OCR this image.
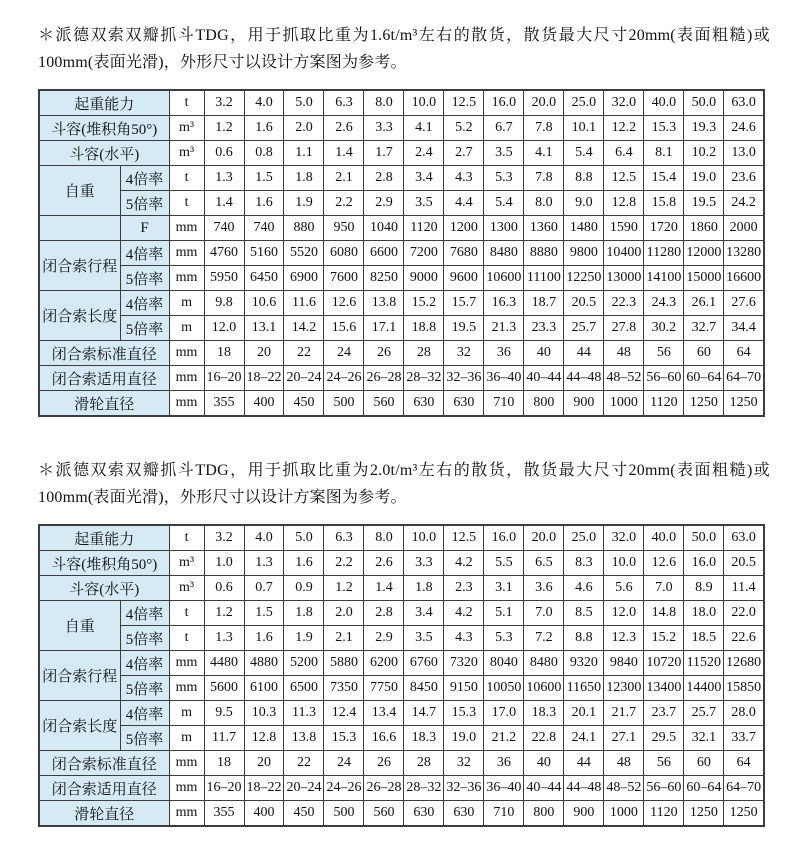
＊派德双索双瓣抓斗TDG，用于抓取比重为1.6t/m³左右的散货，散货最大尺寸20mm(表面粗糙)或100mm(表面光滑)，外形尺寸以设计方案图为参考。

起重能力		t	3.2	4.0	5.0	6.3	8.0	10.0	12.5	16.0	20.0	25.0	32.0	40.0	50.0	63.0
斗容(堆积角50°)		m³	1.2	1.6	2.0	2.6	3.3	4.1	5.2	6.7	7.8	10.1	12.2	15.3	19.3	24.6
斗容(水平)		m³	0.6	0.8	1.1	1.4	1.7	2.4	2.7	3.5	4.1	5.4	6.4	8.1	10.2	13.0
自重	4倍率	t	1.3	1.5	1.8	2.1	2.8	3.4	4.3	5.3	7.8	8.8	12.5	15.4	19.0	23.6
	5倍率	t	1.4	1.6	1.9	2.2	2.9	3.5	4.4	5.4	8.0	9.0	12.8	15.8	19.5	24.2
	F	mm	740	740	880	950	1040	1120	1200	1300	1360	1480	1590	1720	1860	2000
闭合索行程	4倍率	mm	4760	5160	5520	6080	6600	7200	7680	8480	8880	9800	10400	11280	12000	13280
	5倍率	mm	5950	6450	6900	7600	8250	9000	9600	10600	11100	12250	13000	14100	15000	16600
闭合索长度	4倍率	m	9.8	10.6	11.6	12.6	13.8	15.2	15.7	16.3	18.7	20.5	22.3	24.3	26.1	27.6
	5倍率	m	12.0	13.1	14.2	15.6	17.1	18.8	19.5	21.3	23.3	25.7	27.8	30.2	32.7	34.4
闭合索标准直径		mm	18	20	22	24	26	28	32	36	40	44	48	56	60	64
闭合索适用直径		mm	16–20	18–22	20–24	24–26	26–28	28–32	32–36	36–40	40–44	44–48	48–52	56–60	60–64	64–70
滑轮直径		mm	355	400	450	500	560	630	630	710	800	900	1000	1120	1250	1250

＊派德双索双瓣抓斗TDG，用于抓取比重为2.0t/m³左右的散货，散货最大尺寸20mm(表面粗糙)或100mm(表面光滑)，外形尺寸以设计方案图为参考。

起重能力		t	3.2	4.0	5.0	6.3	8.0	10.0	12.5	16.0	20.0	25.0	32.0	40.0	50.0	63.0
斗容(堆积角50°)		m³	1.0	1.3	1.6	2.2	2.6	3.3	4.2	5.5	6.5	8.3	10.0	12.6	16.0	20.5
斗容(水平)		m³	0.6	0.7	0.9	1.2	1.4	1.8	2.3	3.1	3.6	4.6	5.6	7.0	8.9	11.4
自重	4倍率	t	1.2	1.5	1.8	2.0	2.8	3.4	4.2	5.1	7.0	8.5	12.0	14.8	18.0	22.0
	5倍率	t	1.3	1.6	1.9	2.1	2.9	3.5	4.3	5.3	7.2	8.8	12.3	15.2	18.5	22.6
闭合索行程	4倍率	mm	4480	4880	5200	5880	6200	6760	7320	8040	8480	9320	9840	10720	11520	12680
	5倍率	mm	5600	6100	6500	7350	7750	8450	9150	10050	10600	11650	12300	13400	14400	15850
闭合索长度	4倍率	m	9.5	10.3	11.3	12.4	13.4	14.7	15.3	17.0	18.3	20.1	21.7	23.7	25.7	28.0
	5倍率	m	11.7	12.8	13.8	15.3	16.6	18.3	19.0	21.2	22.8	24.1	27.1	29.5	32.1	33.7
闭合索标准直径		mm	18	20	22	24	26	28	32	36	40	44	48	56	60	64
闭合索适用直径		mm	16–20	18–22	20–24	24–26	26–28	28–32	32–36	36–40	40–44	44–48	48–52	56–60	60–64	64–70
滑轮直径		mm	355	400	450	500	560	630	630	710	800	900	1000	1120	1250	1250
